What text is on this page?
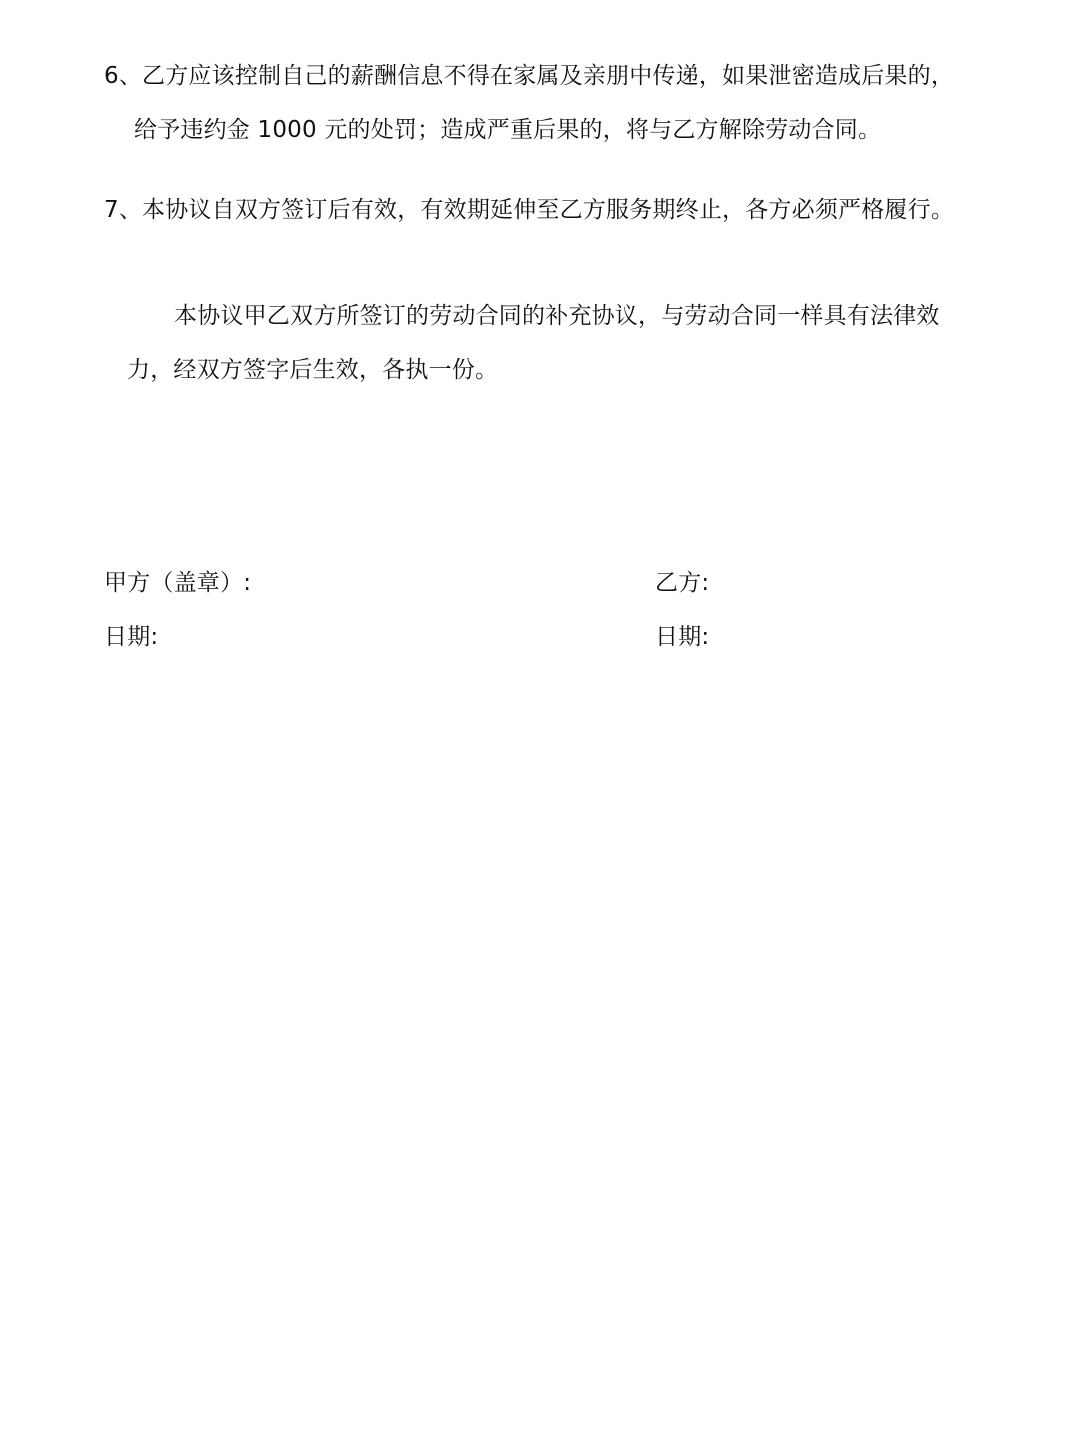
6、乙方应该控制自己的薪酬信息不得在家属及亲朋中传递，如果泄密造成后果的，
给予违约金 1000 元的处罚；造成严重后果的，将与乙方解除劳动合同。
7、本协议自双方签订后有效，有效期延伸至乙方服务期终止，各方必须严格履行。
本协议甲乙双方所签订的劳动合同的补充协议，与劳动合同一样具有法律效
力，经双方签字后生效，各执一份。
甲方（盖章）:	乙方:
日期:	日期:
